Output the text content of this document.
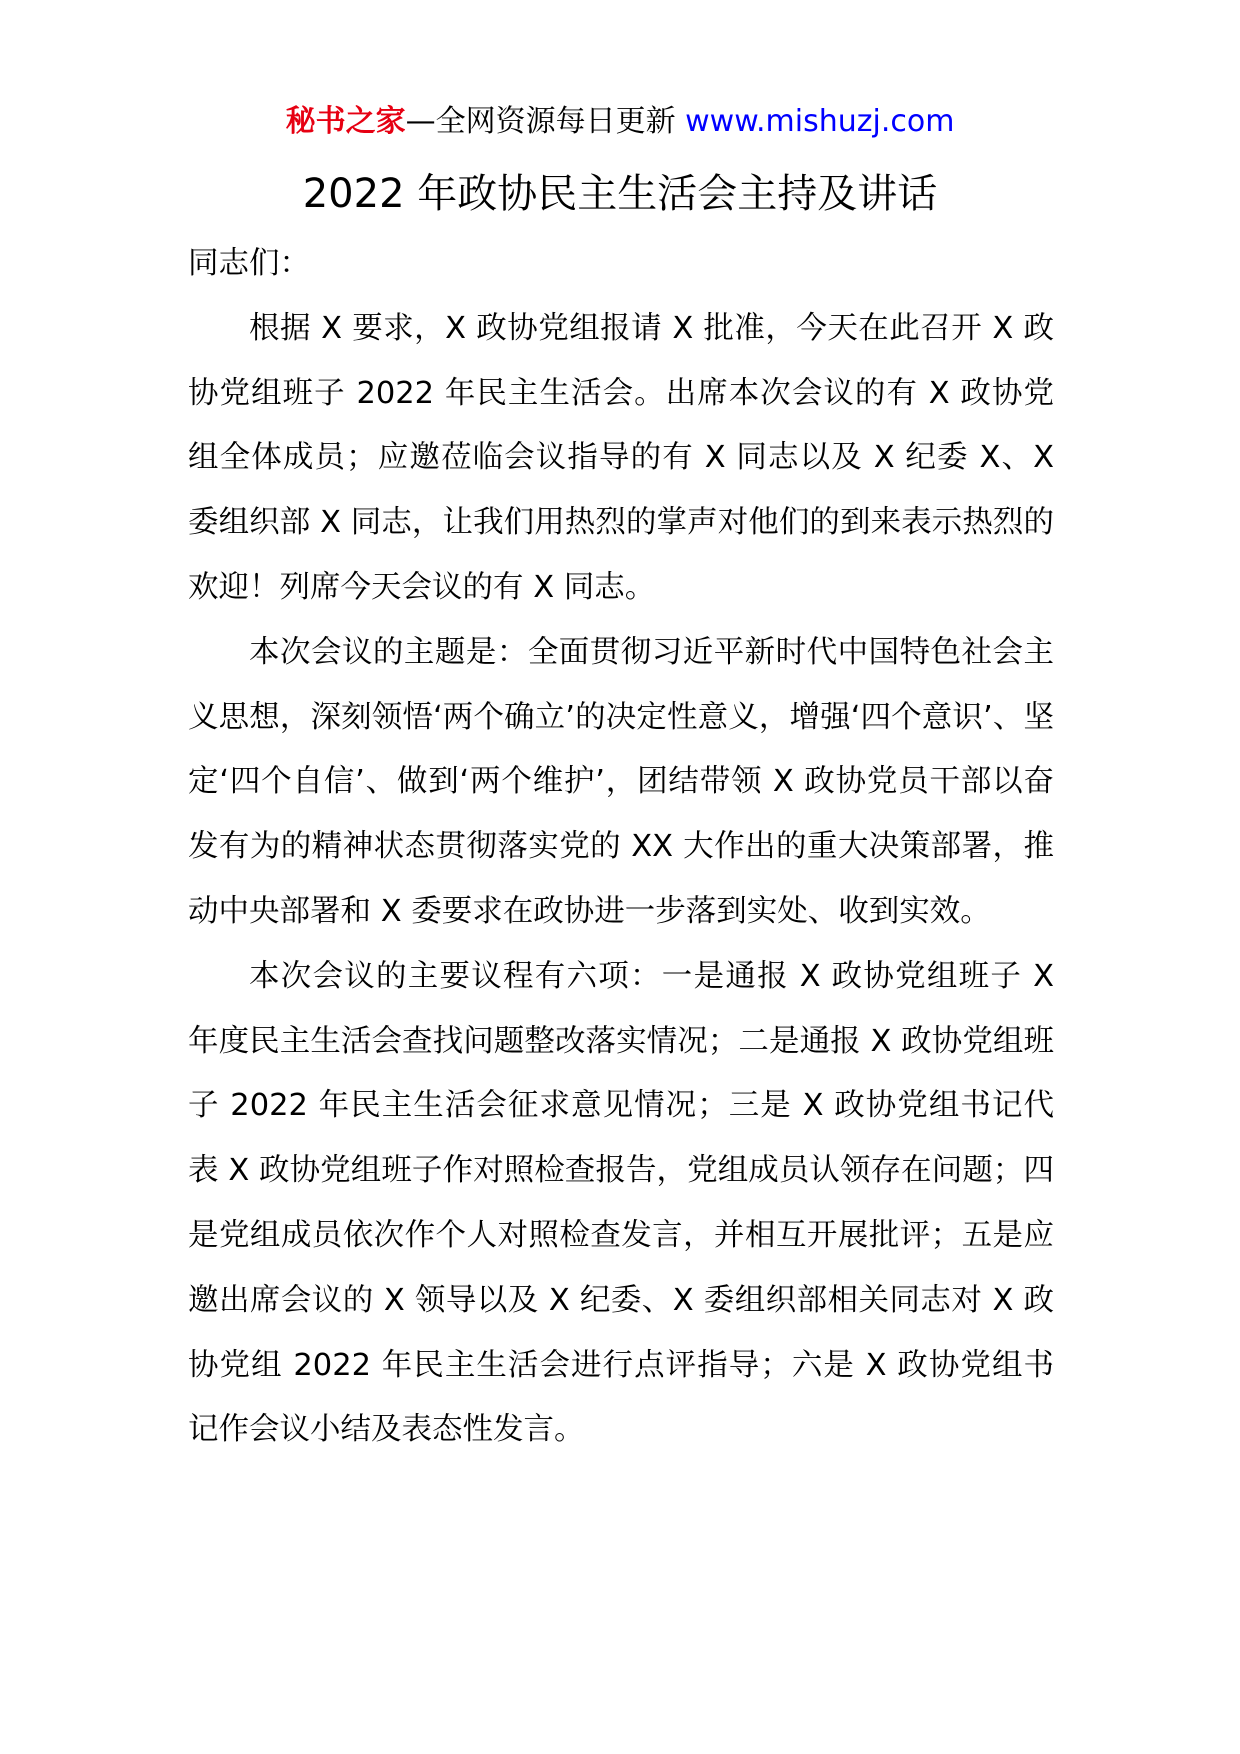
秘书之家—全网资源每日更新 www.mishuzj.com
2022 年政协民主生活会主持及讲话

同志们：

根据 X 要求，X 政协党组报请 X 批准，今天在此召开 X 政协党组班子 2022 年民主生活会。出席本次会议的有 X 政协党组全体成员；应邀莅临会议指导的有 X 同志以及 X 纪委 X、X 委组织部 X 同志，让我们用热烈的掌声对他们的到来表示热烈的欢迎！列席今天会议的有 X 同志。

本次会议的主题是：全面贯彻习近平新时代中国特色社会主义思想，深刻领悟‘两个确立’的决定性意义，增强‘四个意识’、坚定‘四个自信’、做到‘两个维护’，团结带领 X 政协党员干部以奋发有为的精神状态贯彻落实党的 XX 大作出的重大决策部署，推动中央部署和 X 委要求在政协进一步落到实处、收到实效。

本次会议的主要议程有六项：一是通报 X 政协党组班子 X 年度民主生活会查找问题整改落实情况；二是通报 X 政协党组班子 2022 年民主生活会征求意见情况；三是 X 政协党组书记代表 X 政协党组班子作对照检查报告，党组成员认领存在问题；四是党组成员依次作个人对照检查发言，并相互开展批评；五是应邀出席会议的 X 领导以及 X 纪委、X 委组织部相关同志对 X 政协党组 2022 年民主生活会进行点评指导；六是 X 政协党组书记作会议小结及表态性发言。
